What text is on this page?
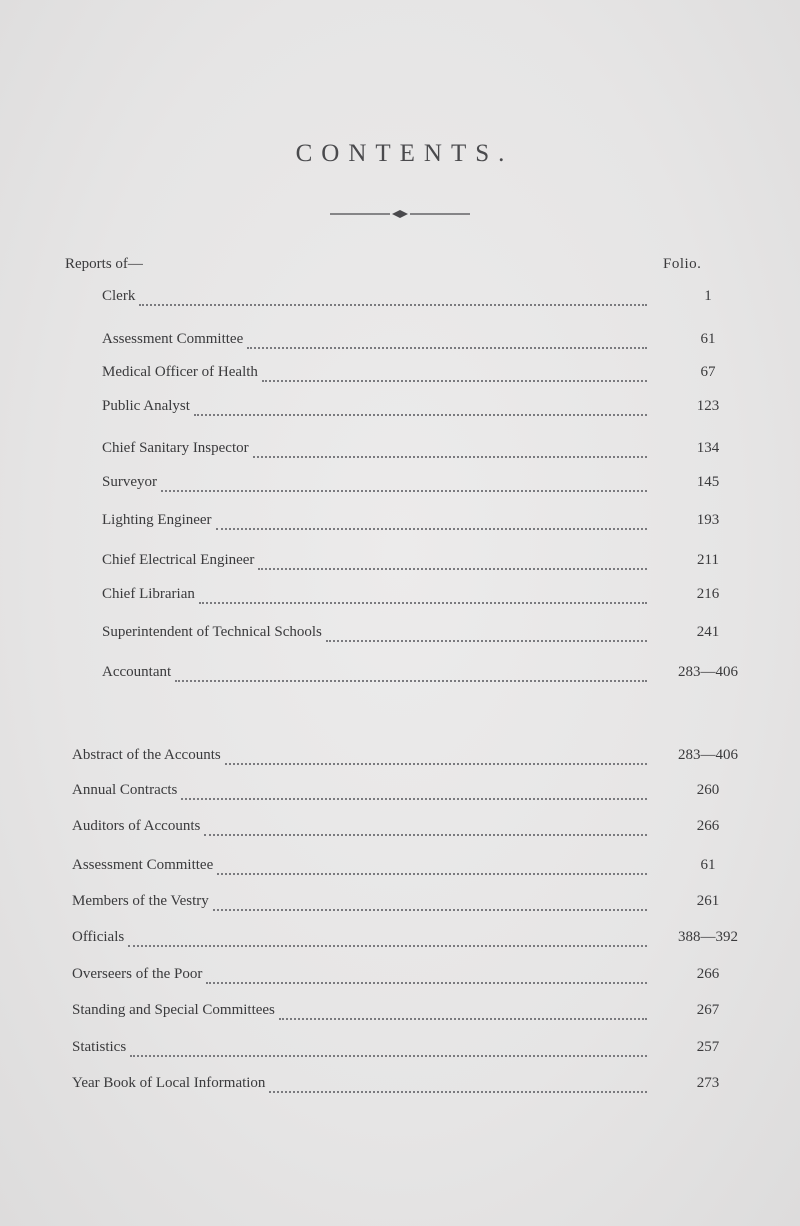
CONTENTS.
Reports of—	Folio.
Clerk	1
Assessment Committee	61
Medical Officer of Health	67
Public Analyst	123
Chief Sanitary Inspector	134
Surveyor	145
Lighting Engineer	193
Chief Electrical Engineer	211
Chief Librarian	216
Superintendent of Technical Schools	241
Accountant	283—406
Abstract of the Accounts	283—406
Annual Contracts	260
Auditors of Accounts	266
Assessment Committee	61
Members of the Vestry	261
Officials	388—392
Overseers of the Poor	266
Standing and Special Committees	267
Statistics	257
Year Book of Local Information	273
